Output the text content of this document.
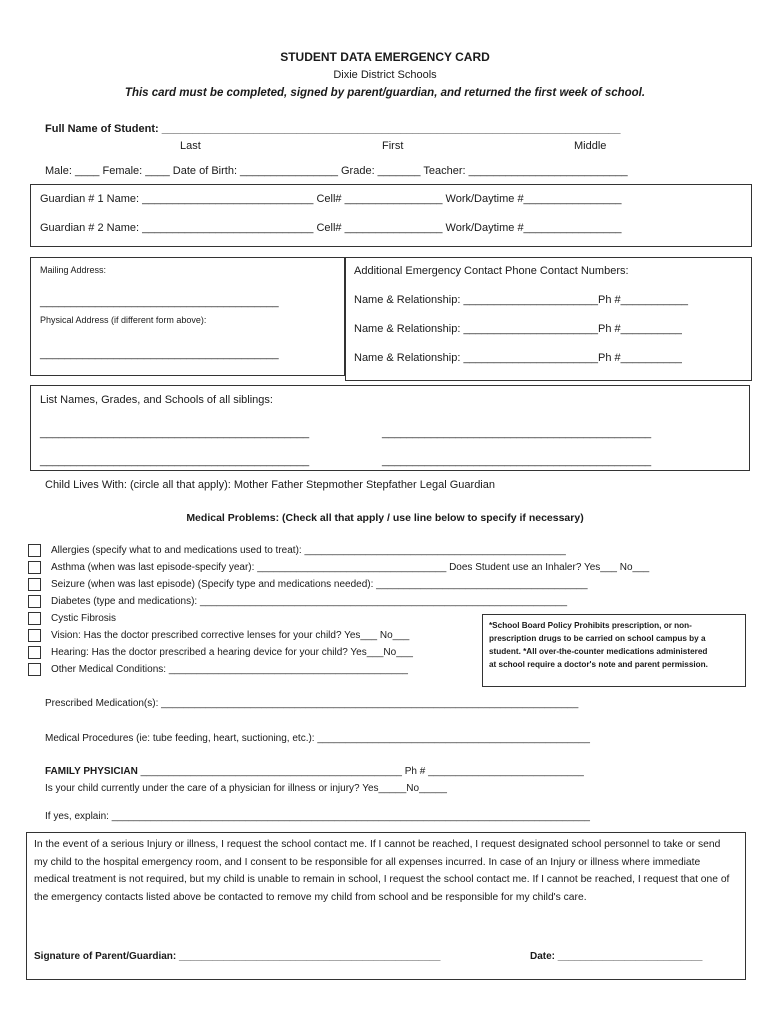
STUDENT DATA EMERGENCY CARD
Dixie District Schools
This card must be completed, signed by parent/guardian, and returned the first week of school.
Full Name of Student: ___________________________________________________________________________
Last	First	Middle
Male: ____ Female: ____ Date of Birth: ________________ Grade: _______ Teacher: __________________________
Guardian # 1 Name: ____________________________ Cell# ________________ Work/Daytime #________________
Guardian # 2 Name: ____________________________ Cell# ________________ Work/Daytime #________________
Mailing Address:
_______________________________________
Physical Address (if different form above):
_______________________________________
Additional Emergency Contact Phone Contact Numbers:
Name & Relationship: ______________________Ph #___________
Name & Relationship: ______________________Ph #__________
Name & Relationship: ______________________Ph #__________
List Names, Grades, and Schools of all siblings:
____________________________________________	____________________________________________
____________________________________________	____________________________________________
Child Lives With: (circle all that apply): Mother Father Stepmother Stepfather Legal Guardian
Medical Problems: (Check all that apply / use line below to specify if necessary)
Allergies (specify what to and medications used to treat): _______________________________________________
Asthma (when was last episode-specify year): __________________________________ Does Student use an Inhaler? Yes___ No___
Seizure (when was last episode) (Specify type and medications needed): ______________________________________
Diabetes (type and medications): __________________________________________________________________
Cystic Fibrosis
Vision: Has the doctor prescribed corrective lenses for your child? Yes___ No___
Hearing: Has the doctor prescribed a hearing device for your child? Yes___No___
Other Medical Conditions: ___________________________________________
*School Board Policy Prohibits prescription, or non-
prescription drugs to be carried on school campus by a
student. *All over-the-counter medications administered
at school require a doctor's note and parent permission.
Prescribed Medication(s): ___________________________________________________________________________
Medical Procedures (ie: tube feeding, heart, suctioning, etc.): _________________________________________________
FAMILY PHYSICIAN _______________________________________________ Ph # ____________________________
Is your child currently under the care of a physician for illness or injury? Yes_____No_____
If yes, explain: ______________________________________________________________________________________
In the event of a serious Injury or illness, I request the school contact me. If I cannot be reached, I request designated school personnel to take or send my child to the hospital emergency room, and I consent to be responsible for all expenses incurred. In case of an Injury or illness where immediate medical treatment is not required, but my child is unable to remain in school, I request the school contact me. If I cannot be reached, I request that one of the emergency contacts listed above be contacted to remove my child from school and be responsible for my child's care.
Signature of Parent/Guardian: _______________________________________________	Date: __________________________
